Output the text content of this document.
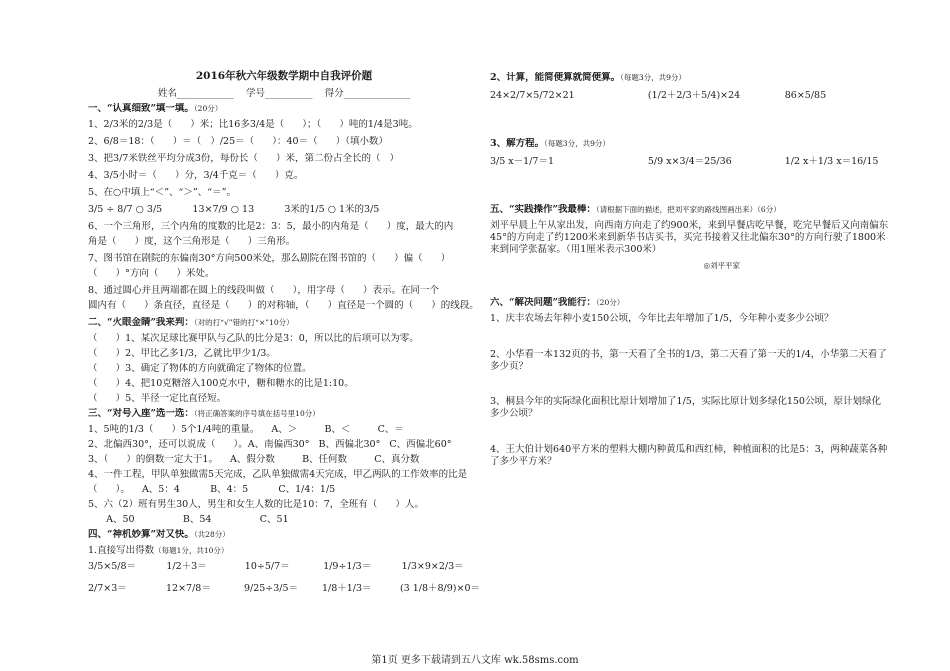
2016年秋六年级数学期中自我评价题
姓名____________    学号__________    得分______________
一、“认真细致”填一填。（20分）
1、2/3米的2/3是（      ）米；比16多3/4是（      ）；（      ）吨的1/4是3吨。
2、6/8＝18：（      ）＝（   ）/25＝（      ）：40＝（      ）（填小数）
3、把3/7米铁丝平均分成3份，每份长（      ）米，第二份占全长的（   ）
4、3/5小时＝（      ）分，3/4千克＝（      ）克。
5、在○中填上“＜”、“＞”、“＝”。
3/5 ÷ 8/7 ○ 3/5          13×7/9 ○ 13          3米的1/5 ○ 1米的3/5
6、一个三角形，三个内角的度数的比是2：3：5，最小的内角是（      ）度，最大的内
角是（      ）度，这个三角形是（      ）三角形。
7、图书馆在剧院的东偏南30°方向500米处，那么剧院在图书馆的（      ）偏（      ）
（      ）°方向（      ）米处。
8、通过圆心并且两端都在圆上的线段叫做（      ），用字母（      ）表示。在同一个
圆内有（      ）条直径，直径是（      ）的对称轴，（      ）直径是一个圆的（      ）的线段。
二、“火眼金睛”我来判：（对的打“√”错的打“×”10分）
（      ）1、某次足球比赛甲队与乙队的比分是3：0，所以比的后项可以为零。
（      ）2、甲比乙多1/3，乙就比甲少1/3。
（      ）3、确定了物体的方向就确定了物体的位置。
（      ）4、把10克糖溶入100克水中，糖和糖水的比是1:10。
（      ）5、半径一定比直径短。
三、“对号入座”选一选：（将正确答案的序号填在括号里10分）
1、5吨的1/3（      ）5个1/4吨的重量。    A、＞         B、＜         C、＝
2、北偏西30°，还可以说成（      ）。A、南偏西30°   B、西偏北30°   C、西偏北60°
3、（      ）的倒数一定大于1。    A、假分数         B、任何数         C、真分数
4、一件工程，甲队单独做需5天完成，乙队单独做需4天完成，甲乙两队的工作效率的比是
（      ）。    A、5：4          B、4：5          C、1/4：1/5
5、六（2）班有男生30人，男生和女生人数的比是10：7，全班有（      ）人。
A、50                B、54                C、51
四、“神机妙算”对又快。（共28分）
1.直接写出得数（每题1分，共10分）
3/5×5/8＝	1/2＋3＝	10÷5/7＝	1/9÷1/3＝	1/3×9×2/3＝
2/7×3＝	12×7/8＝	9/25÷3/5＝	1/8＋1/3＝	(3 1/8＋8/9)×0＝
2、计算，能简便算就简便算。（每题3分，共9分）
24×2/7×5/72×21	(1/2＋2/3＋5/4)×24	86×5/85
3、解方程。（每题3分，共9分）
3/5 x－1/7＝1	5/9 x×3/4＝25/36	1/2 x＋1/3 x＝16/15
五、“实践操作”我最棒：（请根据下面的描述，把刘平家的路线图画出来）（6分）
刘平早晨上午从家出发，向西南方向走了约900米，来到早餐店吃早餐，吃完早餐后又向南偏东45°的方向走了约1200米来到新华书店买书，买完书接着又往北偏东30°的方向行驶了1800米来到同学张磊家。（用1厘米表示300米）
◎刘平平家
六、“解决问题”我能行：（20分）
1、庆丰农场去年种小麦150公顷，今年比去年增加了1/5，今年种小麦多少公顷？
2、小华看一本132页的书，第一天看了全书的1/3，第二天看了第一天的1/4，小华第二天看了多少页？
3、桐县今年的实际绿化面积比原计划增加了1/5，实际比原计划多绿化150公顷，原计划绿化多少公顷？
4、王大伯计划640平方米的塑料大棚内种黄瓜和西红柿，种植面积的比是5：3，两种蔬菜各种了多少平方米？
第1页 更多下载请到五八文库 wk.58sms.com
